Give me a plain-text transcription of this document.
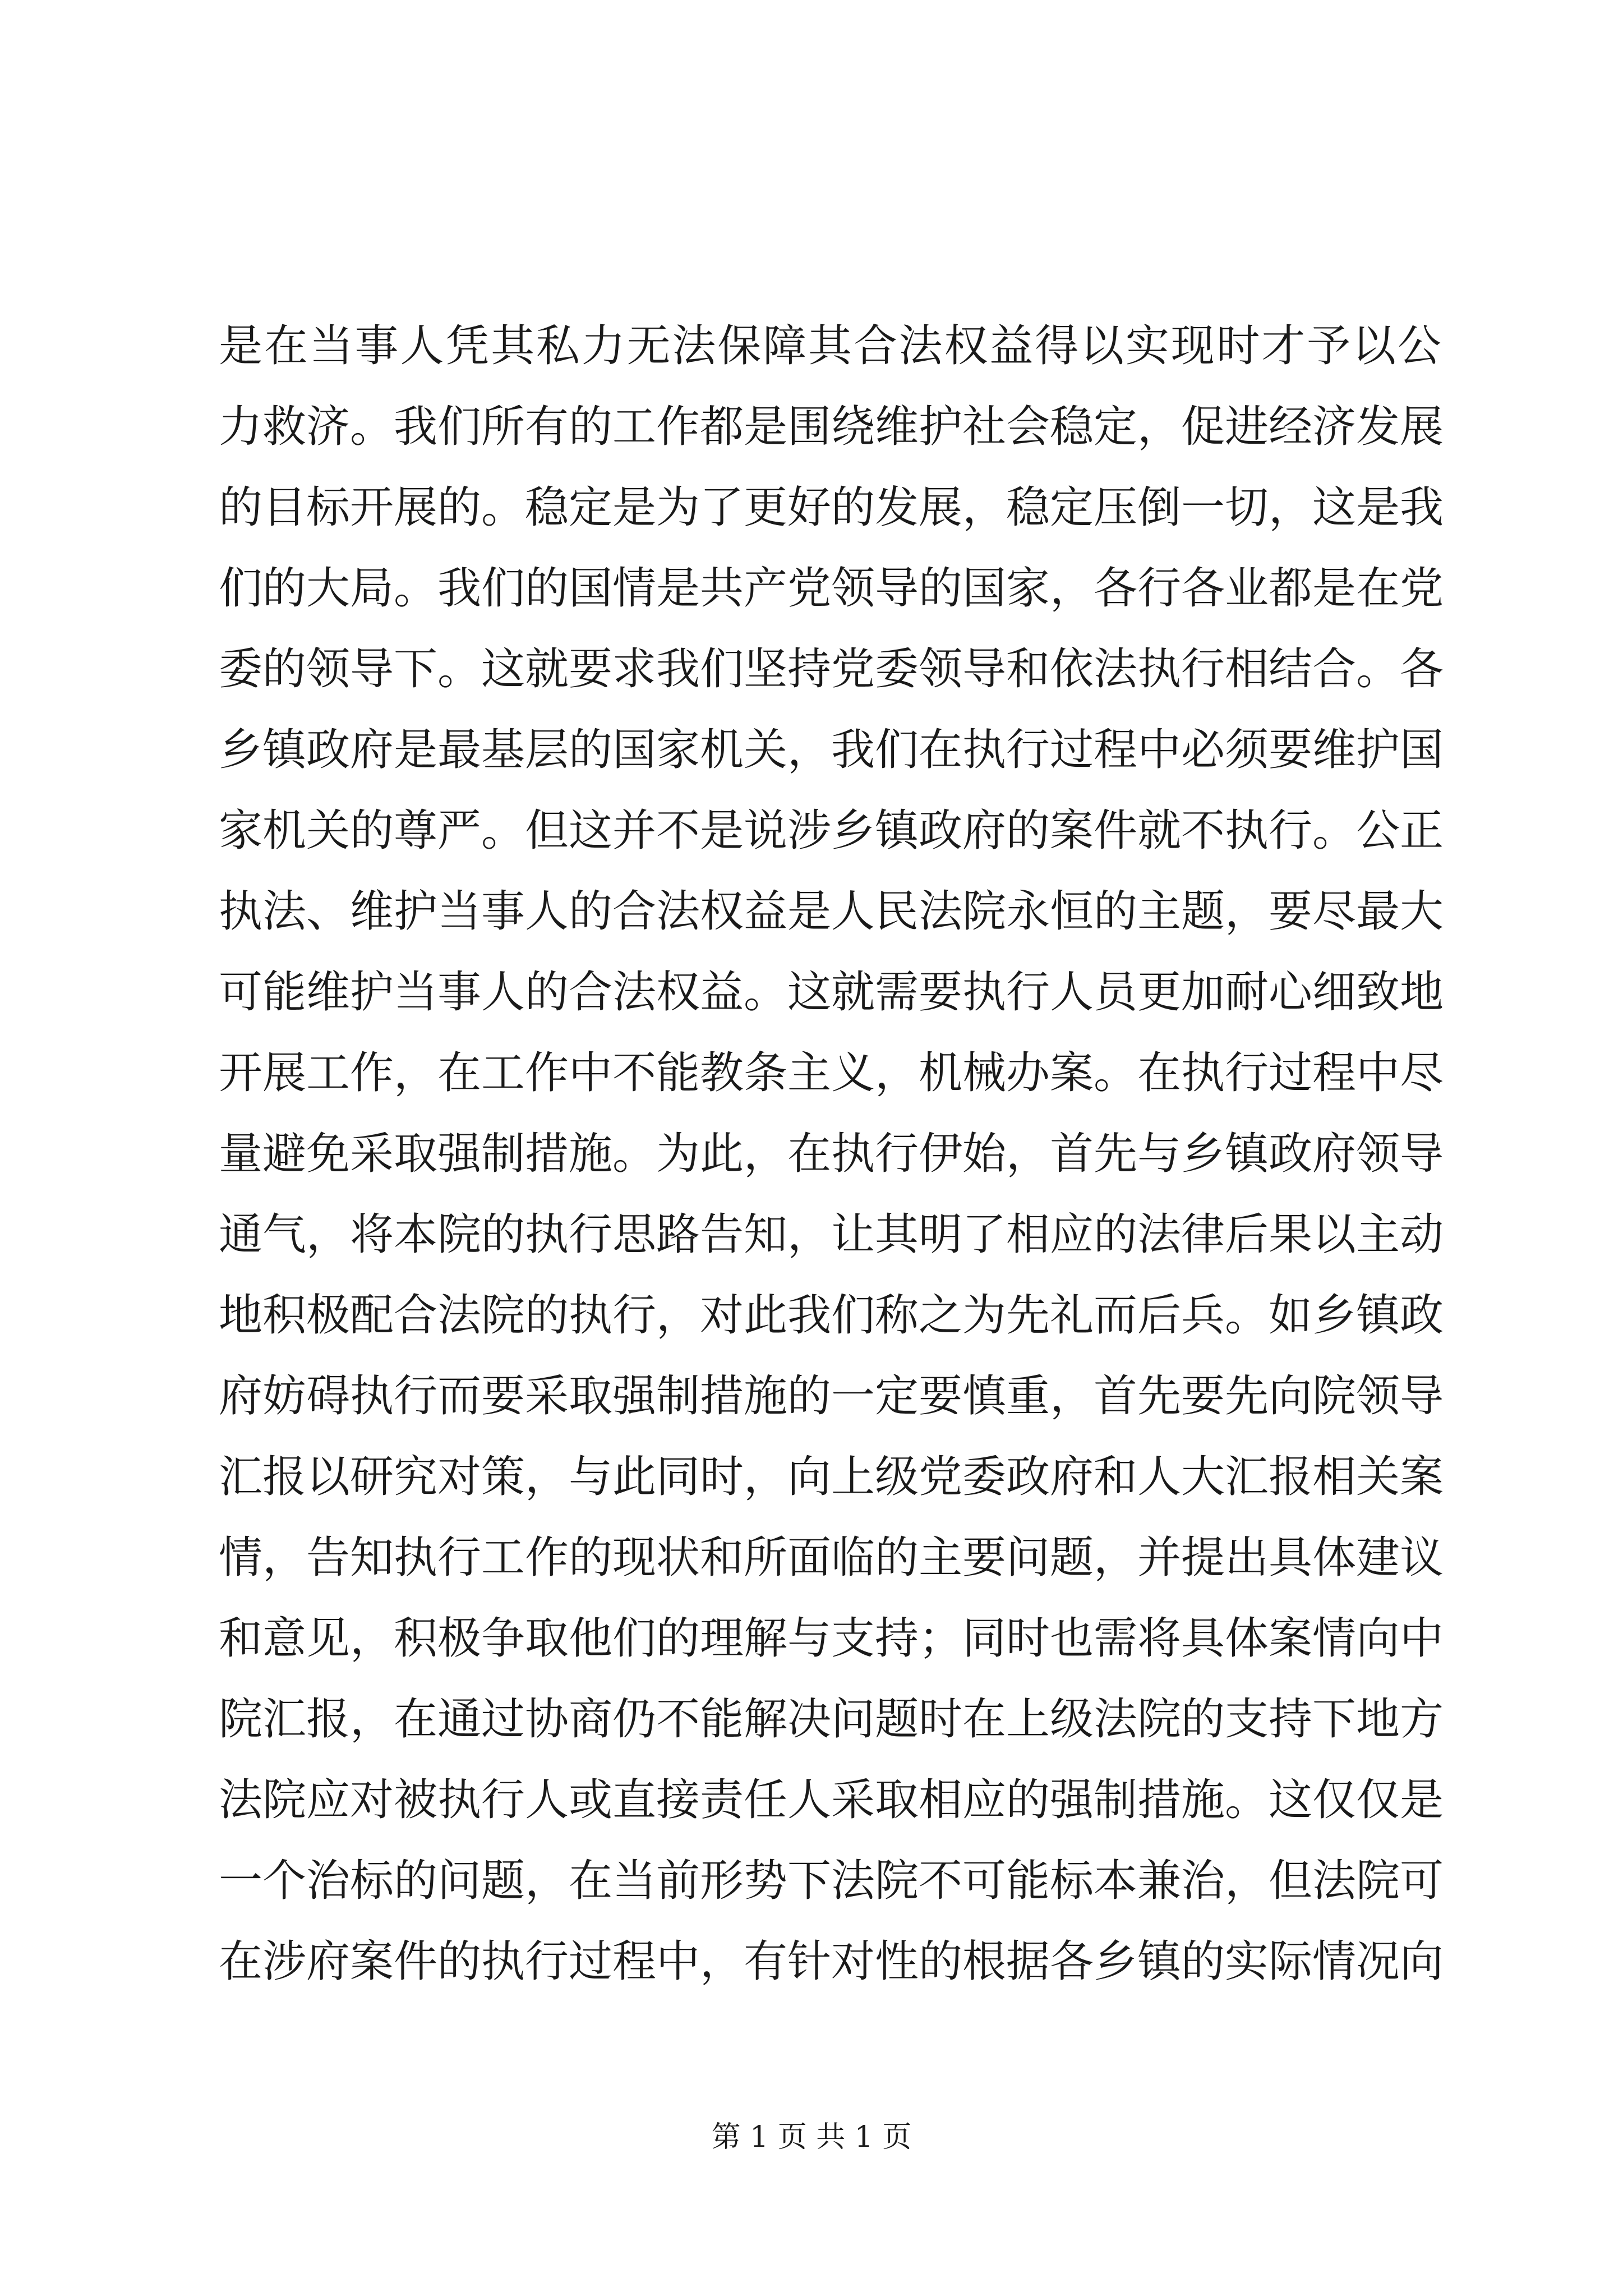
是在当事人凭其私力无法保障其合法权益得以实现时才予以公
力救济。我们所有的工作都是围绕维护社会稳定，促进经济发展
的目标开展的。稳定是为了更好的发展，稳定压倒一切，这是我
们的大局。我们的国情是共产党领导的国家，各行各业都是在党
委的领导下。这就要求我们坚持党委领导和依法执行相结合。各
乡镇政府是最基层的国家机关，我们在执行过程中必须要维护国
家机关的尊严。但这并不是说涉乡镇政府的案件就不执行。公正
执法、维护当事人的合法权益是人民法院永恒的主题，要尽最大
可能维护当事人的合法权益。这就需要执行人员更加耐心细致地
开展工作，在工作中不能教条主义，机械办案。在执行过程中尽
量避免采取强制措施。为此，在执行伊始，首先与乡镇政府领导
通气，将本院的执行思路告知，让其明了相应的法律后果以主动
地积极配合法院的执行，对此我们称之为先礼而后兵。如乡镇政
府妨碍执行而要采取强制措施的一定要慎重，首先要先向院领导
汇报以研究对策，与此同时，向上级党委政府和人大汇报相关案
情，告知执行工作的现状和所面临的主要问题，并提出具体建议
和意见，积极争取他们的理解与支持；同时也需将具体案情向中
院汇报，在通过协商仍不能解决问题时在上级法院的支持下地方
法院应对被执行人或直接责任人采取相应的强制措施。这仅仅是
一个治标的问题，在当前形势下法院不可能标本兼治，但法院可
在涉府案件的执行过程中，有针对性的根据各乡镇的实际情况向
第 1 页 共 1 页
